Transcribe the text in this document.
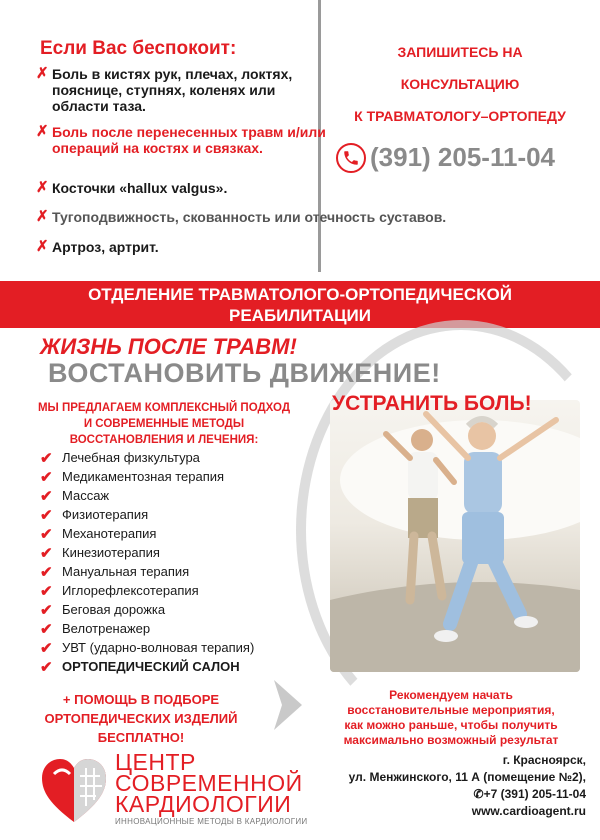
Если Вас беспокоит:
✗ Боль в кистях рук, плечах, локтях, пояснице, ступнях, коленях или области таза.
✗ Боль после перенесенных травм и/или операций на костях и связках.
✗ Косточки «hallux valgus».
✗ Тугоподвижность, скованность или отечность суставов.
✗ Артроз, артрит.
ЗАПИШИТЕСЬ НА
КОНСУЛЬТАЦИЮ
К ТРАВМАТОЛОГУ–ОРТОПЕДУ
(391) 205-11-04
ОТДЕЛЕНИЕ ТРАВМАТОЛОГО-ОРТОПЕДИЧЕСКОЙ
РЕАБИЛИТАЦИИ
ЖИЗНЬ ПОСЛЕ ТРАВМ!
ВОСТАНОВИТЬ ДВИЖЕНИЕ!
УСТРАНИТЬ БОЛЬ!
МЫ ПРЕДЛАГАЕМ КОМПЛЕКСНЫЙ ПОДХОД
И СОВРЕМЕННЫЕ МЕТОДЫ
ВОССТАНОВЛЕНИЯ И ЛЕЧЕНИЯ:
✔ Лечебная физкультура
✔ Медикаментозная терапия
✔ Массаж
✔ Физиотерапия
✔ Механотерапия
✔ Кинезиотерапия
✔ Мануальная терапия
✔ Иглорефлексотерапия
✔ Беговая дорожка
✔ Велотренажер
✔ УВТ (ударно-волновая терапия)
✔ ОРТОПЕДИЧЕСКИЙ САЛОН
+ ПОМОЩЬ В ПОДБОРЕ
ОРТОПЕДИЧЕСКИХ ИЗДЕЛИЙ
БЕСПЛАТНО!
Рекомендуем начать
восстановительные мероприятия,
как можно раньше, чтобы получить
максимально возможный результат
ЦЕНТР
СОВРЕМЕННОЙ
КАРДИОЛОГИИ
ИННОВАЦИОННЫЕ МЕТОДЫ В КАРДИОЛОГИИ
г. Красноярск,
ул. Менжинского, 11 А (помещение №2),
✆+7 (391) 205-11-04
www.cardioagent.ru
